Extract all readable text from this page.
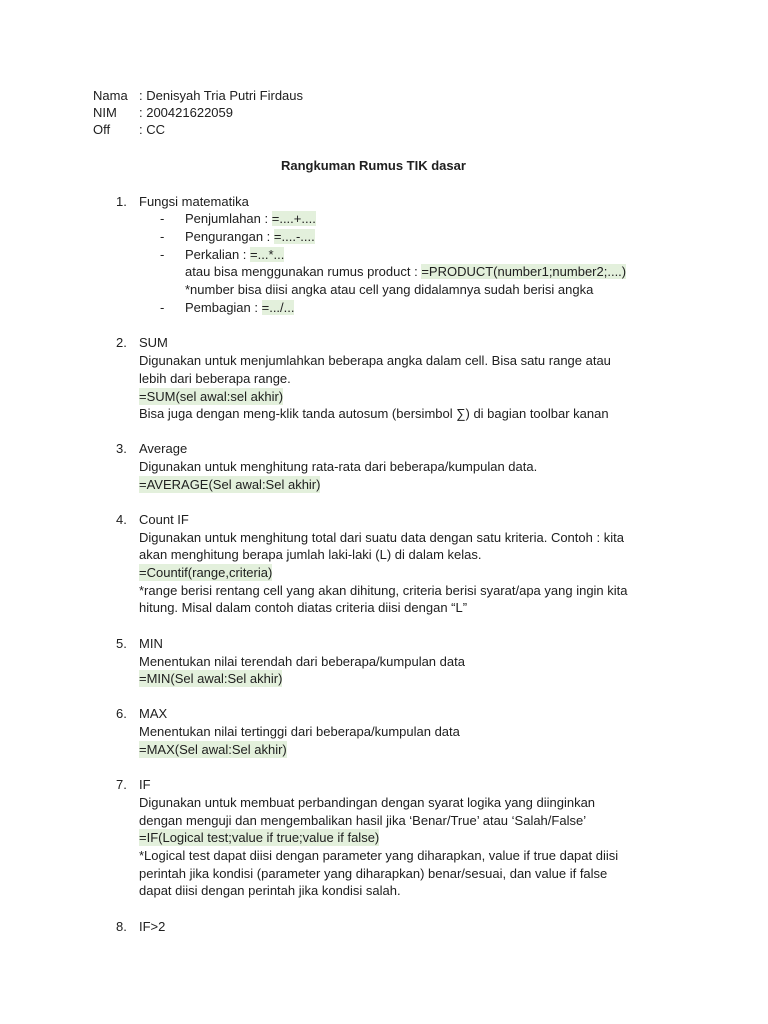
Nama : Denisyah Tria Putri Firdaus
NIM : 200421622059
Off : CC
Rangkuman Rumus TIK dasar
1. Fungsi matematika
- Penjumlahan : =....+....
- Pengurangan : =....-....
- Perkalian : =...*...
atau bisa menggunakan rumus product : =PRODUCT(number1;number2;....)
*number bisa diisi angka atau cell yang didalamnya sudah berisi angka
- Pembagian : =.../...
2. SUM
Digunakan untuk menjumlahkan beberapa angka dalam cell. Bisa satu range atau
lebih dari beberapa range.
=SUM(sel awal:sel akhir)
Bisa juga dengan meng-klik tanda autosum (bersimbol ∑) di bagian toolbar kanan
3. Average
Digunakan untuk menghitung rata-rata dari beberapa/kumpulan data.
=AVERAGE(Sel awal:Sel akhir)
4. Count IF
Digunakan untuk menghitung total dari suatu data dengan satu kriteria. Contoh : kita
akan menghitung berapa jumlah laki-laki (L) di dalam kelas.
=Countif(range,criteria)
*range berisi rentang cell yang akan dihitung, criteria berisi syarat/apa yang ingin kita
hitung. Misal dalam contoh diatas criteria diisi dengan “L”
5. MIN
Menentukan nilai terendah dari beberapa/kumpulan data
=MIN(Sel awal:Sel akhir)
6. MAX
Menentukan nilai tertinggi dari beberapa/kumpulan data
=MAX(Sel awal:Sel akhir)
7. IF
Digunakan untuk membuat perbandingan dengan syarat logika yang diinginkan
dengan menguji dan mengembalikan hasil jika ‘Benar/True’ atau ‘Salah/False’
=IF(Logical test;value if true;value if false)
*Logical test dapat diisi dengan parameter yang diharapkan, value if true dapat diisi
perintah jika kondisi (parameter yang diharapkan) benar/sesuai, dan value if false
dapat diisi dengan perintah jika kondisi salah.
8. IF>2
